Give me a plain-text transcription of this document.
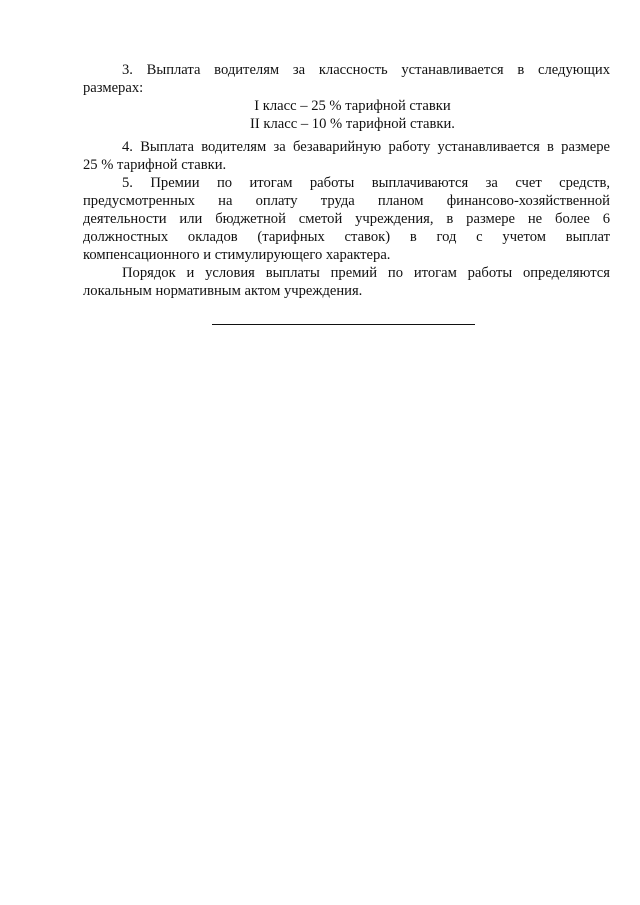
3. Выплата водителям за классность устанавливается в следующих

размерах:

I класс – 25 % тарифной ставки

II класс – 10 % тарифной ставки.

4. Выплата водителям за безаварийную работу устанавливается в размере

25 % тарифной ставки.

5. Премии по итогам работы выплачиваются за счет средств,

предусмотренных на оплату труда планом финансово-хозяйственной

деятельности или бюджетной сметой учреждения, в размере не более 6

должностных окладов (тарифных ставок) в год с учетом выплат

компенсационного и стимулирующего характера.

Порядок и условия выплаты премий по итогам работы определяются

локальным нормативным актом учреждения.
